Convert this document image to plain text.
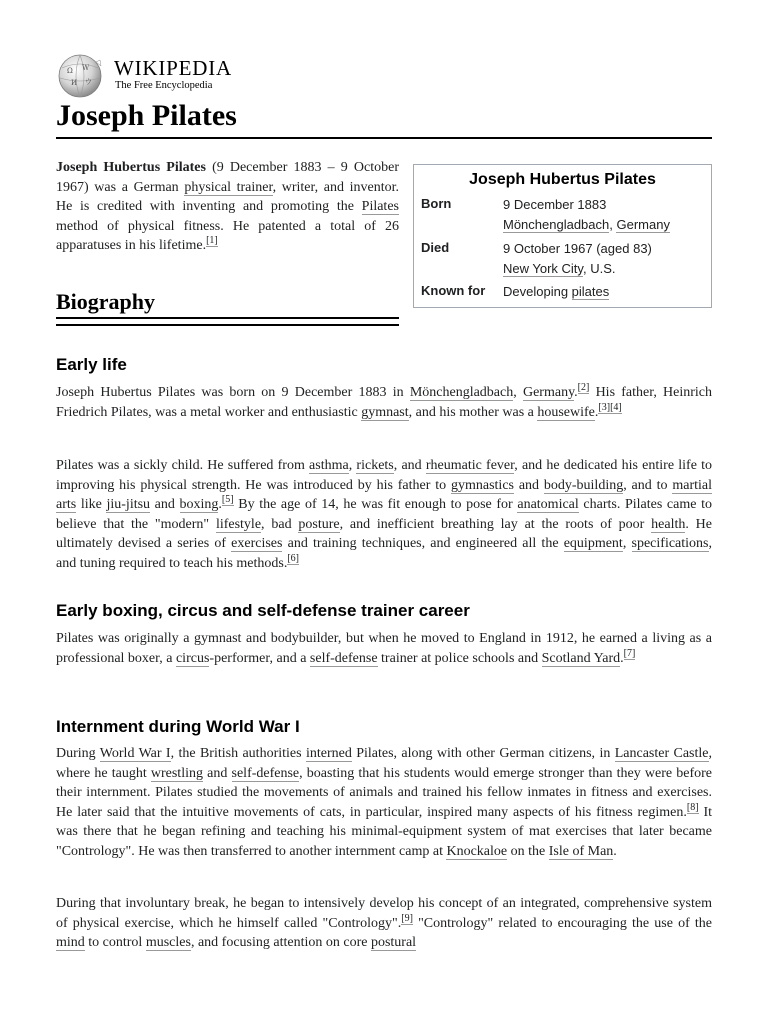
Ω W
И ウ
WIKIPEDIA
The Free Encyclopedia
Joseph Pilates

Joseph Hubertus Pilates (9 December 1883 – 9 October 1967) was a German physical trainer, writer, and inventor. He is credited with inventing and promoting the Pilates method of physical fitness. He patented a total of 26 apparatuses in his lifetime.[1]

Joseph Hubertus Pilates
Born	9 December 1883
Mönchengladbach, Germany
Died	9 October 1967 (aged 83)
New York City, U.S.
Known for Developing pilates
Biography
Early life

Joseph Hubertus Pilates was born on 9 December 1883 in Mönchengladbach, Germany.[2] His father, Heinrich Friedrich Pilates, was a metal worker and enthusiastic gymnast, and his mother was a housewife.[3][4]

Pilates was a sickly child. He suffered from asthma, rickets, and rheumatic fever, and he dedicated his entire life to improving his physical strength. He was introduced by his father to gymnastics and body-building, and to martial arts like jiu-jitsu and boxing.[5] By the age of 14, he was fit enough to pose for anatomical charts. Pilates came to believe that the "modern" lifestyle, bad posture, and inefficient breathing lay at the roots of poor health. He ultimately devised a series of exercises and training techniques, and engineered all the equipment, specifications, and tuning required to teach his methods.[6]

Early boxing, circus and self-defense trainer career

Pilates was originally a gymnast and bodybuilder, but when he moved to England in 1912, he earned a living as a professional boxer, a circus-performer, and a self-defense trainer at police schools and Scotland Yard.[7]

Internment during World War I

During World War I, the British authorities interned Pilates, along with other German citizens, in Lancaster Castle, where he taught wrestling and self-defense, boasting that his students would emerge stronger than they were before their internment. Pilates studied the movements of animals and trained his fellow inmates in fitness and exercises. He later said that the intuitive movements of cats, in particular, inspired many aspects of his fitness regimen.[8] It was there that he began refining and teaching his minimal-equipment system of mat exercises that later became "Contrology". He was then transferred to another internment camp at Knockaloe on the Isle of Man.

During that involuntary break, he began to intensively develop his concept of an integrated, comprehensive system of physical exercise, which he himself called "Contrology".[9] "Contrology" related to encouraging the use of the mind to control muscles, and focusing attention on core postural
